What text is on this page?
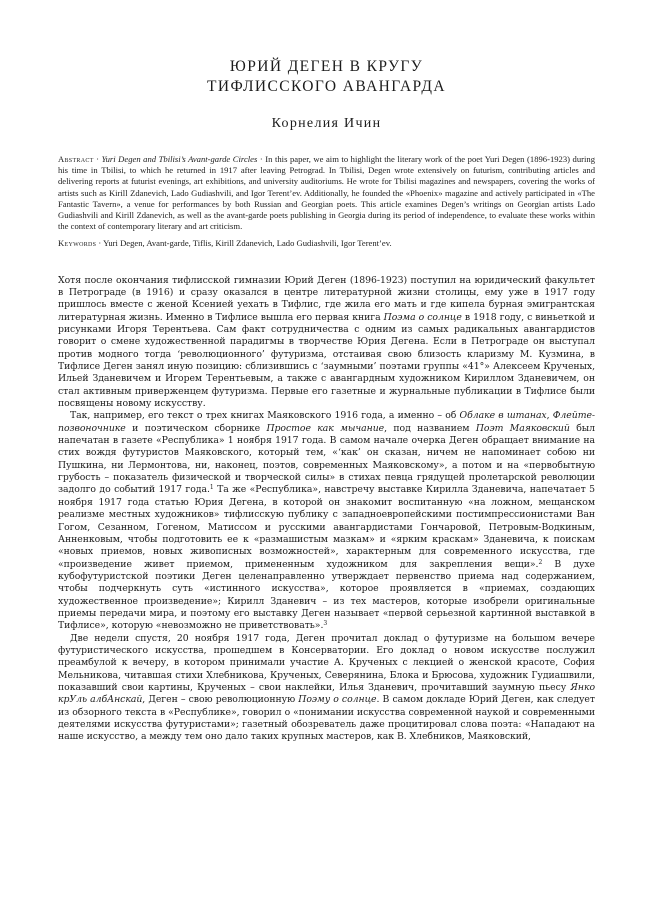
ЮРИЙ ДЕГЕН В КРУГУ
ТИФЛИССКОГО АВАНГАРДА
Корнелия Ичин
Abstract · Yuri Degen and Tbilisi’s Avant-garde Circles · In this paper, we aim to highlight the literary work of the poet Yuri Degen (1896-1923) during his time in Tbilisi, to which he returned in 1917 after leaving Petrograd. In Tbilisi, Degen wrote extensively on futurism, contributing articles and delivering reports at futurist evenings, art exhibitions, and university auditoriums. He wrote for Tbilisi magazines and newspapers, covering the works of artists such as Kirill Zdanevich, Lado Gudiashvili, and Igor Terent’ev. Additionally, he founded the «Phoenix» magazine and actively participated in «The Fantastic Tavern», a venue for performances by both Russian and Georgian poets. This article examines Degen’s writings on Georgian artists Lado Gudiashvili and Kirill Zdanevich, as well as the avant-garde poets publishing in Georgia during its period of independence, to evaluate these works within the context of contemporary literary and art criticism.
Keywords · Yuri Degen, Avant-garde, Tiflis, Kirill Zdanevich, Lado Gudiashvili, Igor Terent’ev.

Хотя после окончания тифлисской гимназии Юрий Деген (1896-1923) поступил на юридический факультет в Петрограде (в 1916) и сразу оказался в центре литературной жизни столицы, ему уже в 1917 году пришлось вместе с женой Ксенией уехать в Тифлис, где жила его мать и где кипела бурная эмигрантская литературная жизнь. Именно в Тифлисе вышла его первая книга Поэма о солнце в 1918 году, с виньеткой и рисунками Игоря Терентьева. Сам факт сотрудничества с одним из самых радикальных авангардистов говорит о смене художественной парадигмы в творчестве Юрия Дегена. Если в Петрограде он выступал против модного тогда ‘революционного’ футуризма, отстаивая свою близость кларизму М. Кузмина, в Тифлисе Деген занял иную позицию: сблизившись с ‘заумными’ поэтами группы «41°» Алексеем Крученых, Ильей Зданевичем и Игорем Терентьевым, а также с авангардным художником Кириллом Зданевичем, он стал активным приверженцем футуризма. Первые его газетные и журнальные публикации в Тифлисе были посвящены новому искусству.

Так, например, его текст о трех книгах Маяковского 1916 года, а именно – об Облаке в штанах, Флейте-позвоночнике и поэтическом сборнике Простое как мычание, под названием Поэт Маяковский был напечатан в газете «Республика» 1 ноября 1917 года. В самом начале очерка Деген обращает внимание на стих вождя футуристов Маяковского, который тем, «‘как’ он сказан, ничем не напоминает собою ни Пушкина, ни Лермонтова, ни, наконец, поэтов, современных Маяковскому», а потом и на «первобытную грубость – показатель физической и творческой силы» в стихах певца грядущей пролетарской революции задолго до событий 1917 года.$^1$ Та же «Республика», навстречу выставке Кирилла Зданевича, напечатает 5 ноября 1917 года статью Юрия Дегена, в которой он знакомит воспитанную «на ложном, мещанском реализме местных художников» тифлисскую публику с западноевропейскими постимпрессионистами Ван Гогом, Сезанном, Гогеном, Матиссом и русскими авангардистами Гончаровой, Петровым-Водкиным, Анненковым, чтобы подготовить ее к «размашистым мазкам» и «ярким краскам» Зданевича, к поискам «новых приемов, новых живописных возможностей», характерным для современного искусства, где «произведение живет приемом, примененным художником для закрепления вещи».$^2$ В духе кубофутуристской поэтики Деген целенаправленно утверждает первенство приема над содержанием, чтобы подчеркнуть суть «истинного искусства», которое проявляется в «приемах, создающих художественное произведение»; Кирилл Зданевич – из тех мастеров, которые изобрели оригинальные приемы передачи мира, и поэтому его выставку Деген называет «первой серьезной картинной выставкой в Тифлисе», которую «невозможно не приветствовать».$^3$

Две недели спустя, 20 ноября 1917 года, Деген прочитал доклад о футуризме на большом вечере футуристического искусства, прошедшем в Консерватории. Его доклад о новом искусстве послужил преамбулой к вечеру, в котором принимали участие А. Крученых с лекцией о женской красоте, София Мельникова, читавшая стихи Хлебникова, Крученых, Северянина, Блока и Брюсова, художник Гудиашвили, показавший свои картины, Крученых – свои наклейки, Илья Зданевич, прочитавший заумную пьесу Янко крУль албАнскай, Деген – свою революционную Поэму о солнце. В самом докладе Юрий Деген, как следует из обзорного текста в «Республике», говорил о «понимании искусства современной наукой и современными деятелями искусства футуристами»; газетный обозреватель даже процитировал слова поэта: «Нападают на наше искусство, а между тем оно дало таких крупных мастеров, как В. Хлебников, Маяковский,
